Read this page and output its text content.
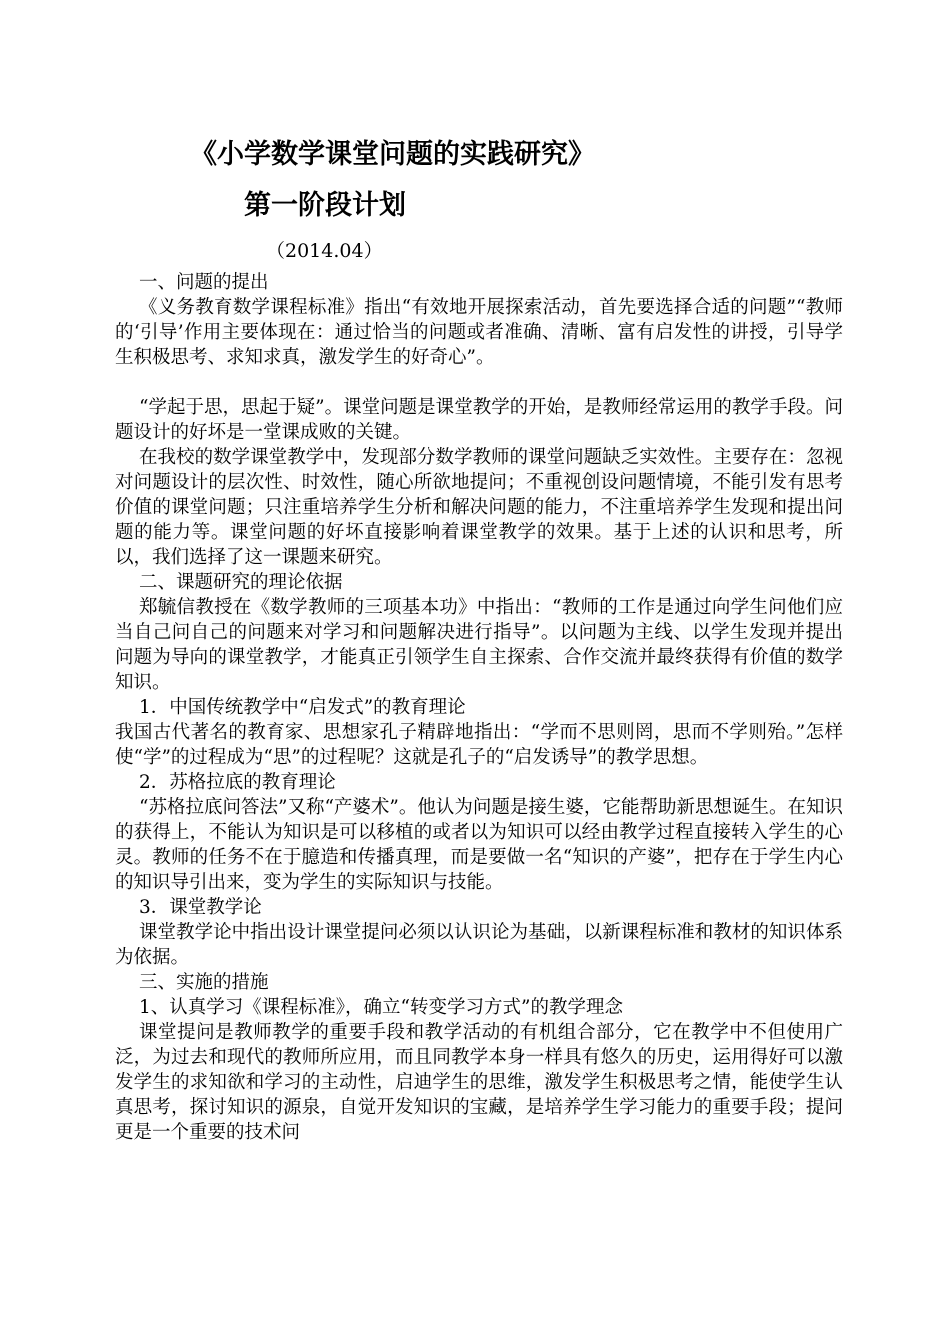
《小学数学课堂问题的实践研究》
第一阶段计划
（2014.04）

一、问题的提出

《义务教育数学课程标准》指出“有效地开展探索活动，首先要选择合适的问题”“教师的‘引导’作用主要体现在：通过恰当的问题或者准确、清晰、富有启发性的讲授，引导学生积极思考、求知求真，激发学生的好奇心”。

“学起于思，思起于疑”。课堂问题是课堂教学的开始，是教师经常运用的教学手段。问题设计的好坏是一堂课成败的关键。

在我校的数学课堂教学中，发现部分数学教师的课堂问题缺乏实效性。主要存在：忽视对问题设计的层次性、时效性，随心所欲地提问；不重视创设问题情境，不能引发有思考价值的课堂问题；只注重培养学生分析和解决问题的能力，不注重培养学生发现和提出问题的能力等。课堂问题的好坏直接影响着课堂教学的效果。基于上述的认识和思考，所以，我们选择了这一课题来研究。

二、课题研究的理论依据

郑毓信教授在《数学教师的三项基本功》中指出：“教师的工作是通过向学生问他们应当自己问自己的问题来对学习和问题解决进行指导”。以问题为主线、以学生发现并提出问题为导向的课堂教学，才能真正引领学生自主探索、合作交流并最终获得有价值的数学知识。

1．中国传统教学中“启发式”的教育理论

我国古代著名的教育家、思想家孔子精辟地指出：“学而不思则罔，思而不学则殆。”怎样使“学”的过程成为“思”的过程呢？这就是孔子的“启发诱导”的教学思想。

2．苏格拉底的教育理论

“苏格拉底问答法”又称“产婆术”。他认为问题是接生婆，它能帮助新思想诞生。在知识的获得上，不能认为知识是可以移植的或者以为知识可以经由教学过程直接转入学生的心灵。教师的任务不在于臆造和传播真理，而是要做一名“知识的产婆”，把存在于学生内心的知识导引出来，变为学生的实际知识与技能。

3．课堂教学论

课堂教学论中指出设计课堂提问必须以认识论为基础，以新课程标准和教材的知识体系为依据。

三、实施的措施

1、认真学习《课程标准》，确立“转变学习方式”的教学理念

课堂提问是教师教学的重要手段和教学活动的有机组合部分，它在教学中不但使用广泛，为过去和现代的教师所应用，而且同教学本身一样具有悠久的历史，运用得好可以激发学生的求知欲和学习的主动性，启迪学生的思维，激发学生积极思考之情，能使学生认真思考，探讨知识的源泉，自觉开发知识的宝藏，是培养学生学习能力的重要手段；提问更是一个重要的技术问
